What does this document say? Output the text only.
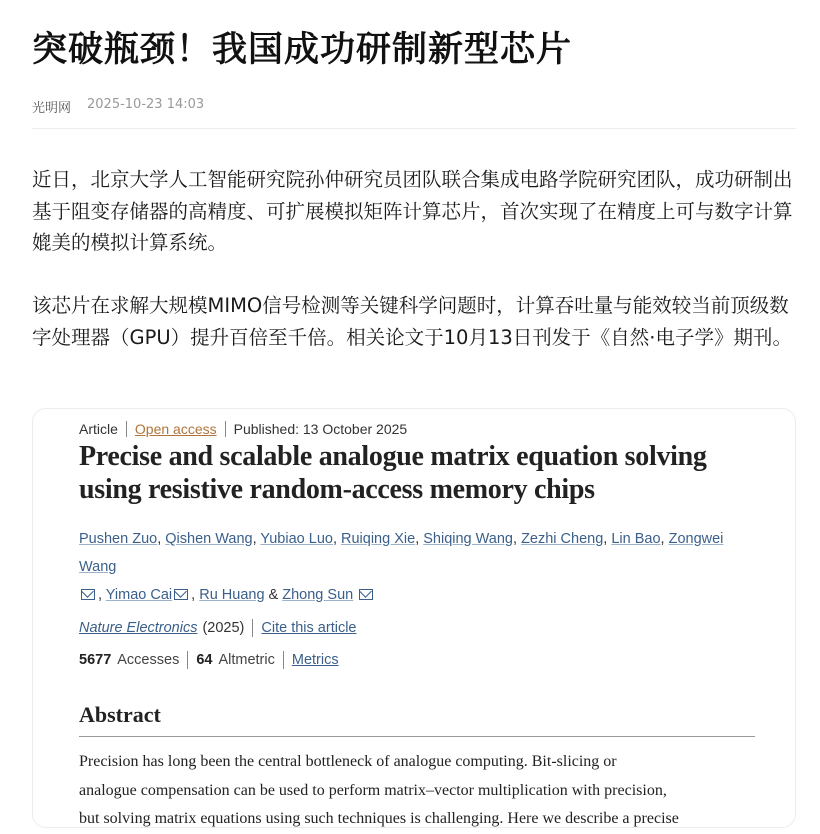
突破瓶颈！我国成功研制新型芯片
光明网 2025-10-23 14:03

近日，北京大学人工智能研究院孙仲研究员团队联合集成电路学院研究团队，成功研制出基于阻变存储器的高精度、可扩展模拟矩阵计算芯片，首次实现了在精度上可与数字计算媲美的模拟计算系统。

该芯片在求解大规模MIMO信号检测等关键科学问题时，计算吞吐量与能效较当前顶级数字处理器（GPU）提升百倍至千倍。相关论文于10月13日刊发于《自然·电子学》期刊。

Article Open access Published: 13 October 2025
Precise and scalable analogue matrix equation solving using resistive random-access memory chips
Pushen Zuo, Qishen Wang, Yubiao Luo, Ruiqing Xie, Shiqing Wang, Zezhi Cheng, Lin Bao, Zongwei Wang
, Yimao Cai , Ru Huang & Zhong Sun
Nature Electronics (2025) Cite this article
5677 Accesses 64 Altmetric Metrics
Abstract
Precision has long been the central bottleneck of analogue computing. Bit-slicing or
analogue compensation can be used to perform matrix–vector multiplication with precision,
but solving matrix equations using such techniques is challenging. Here we describe a precise
